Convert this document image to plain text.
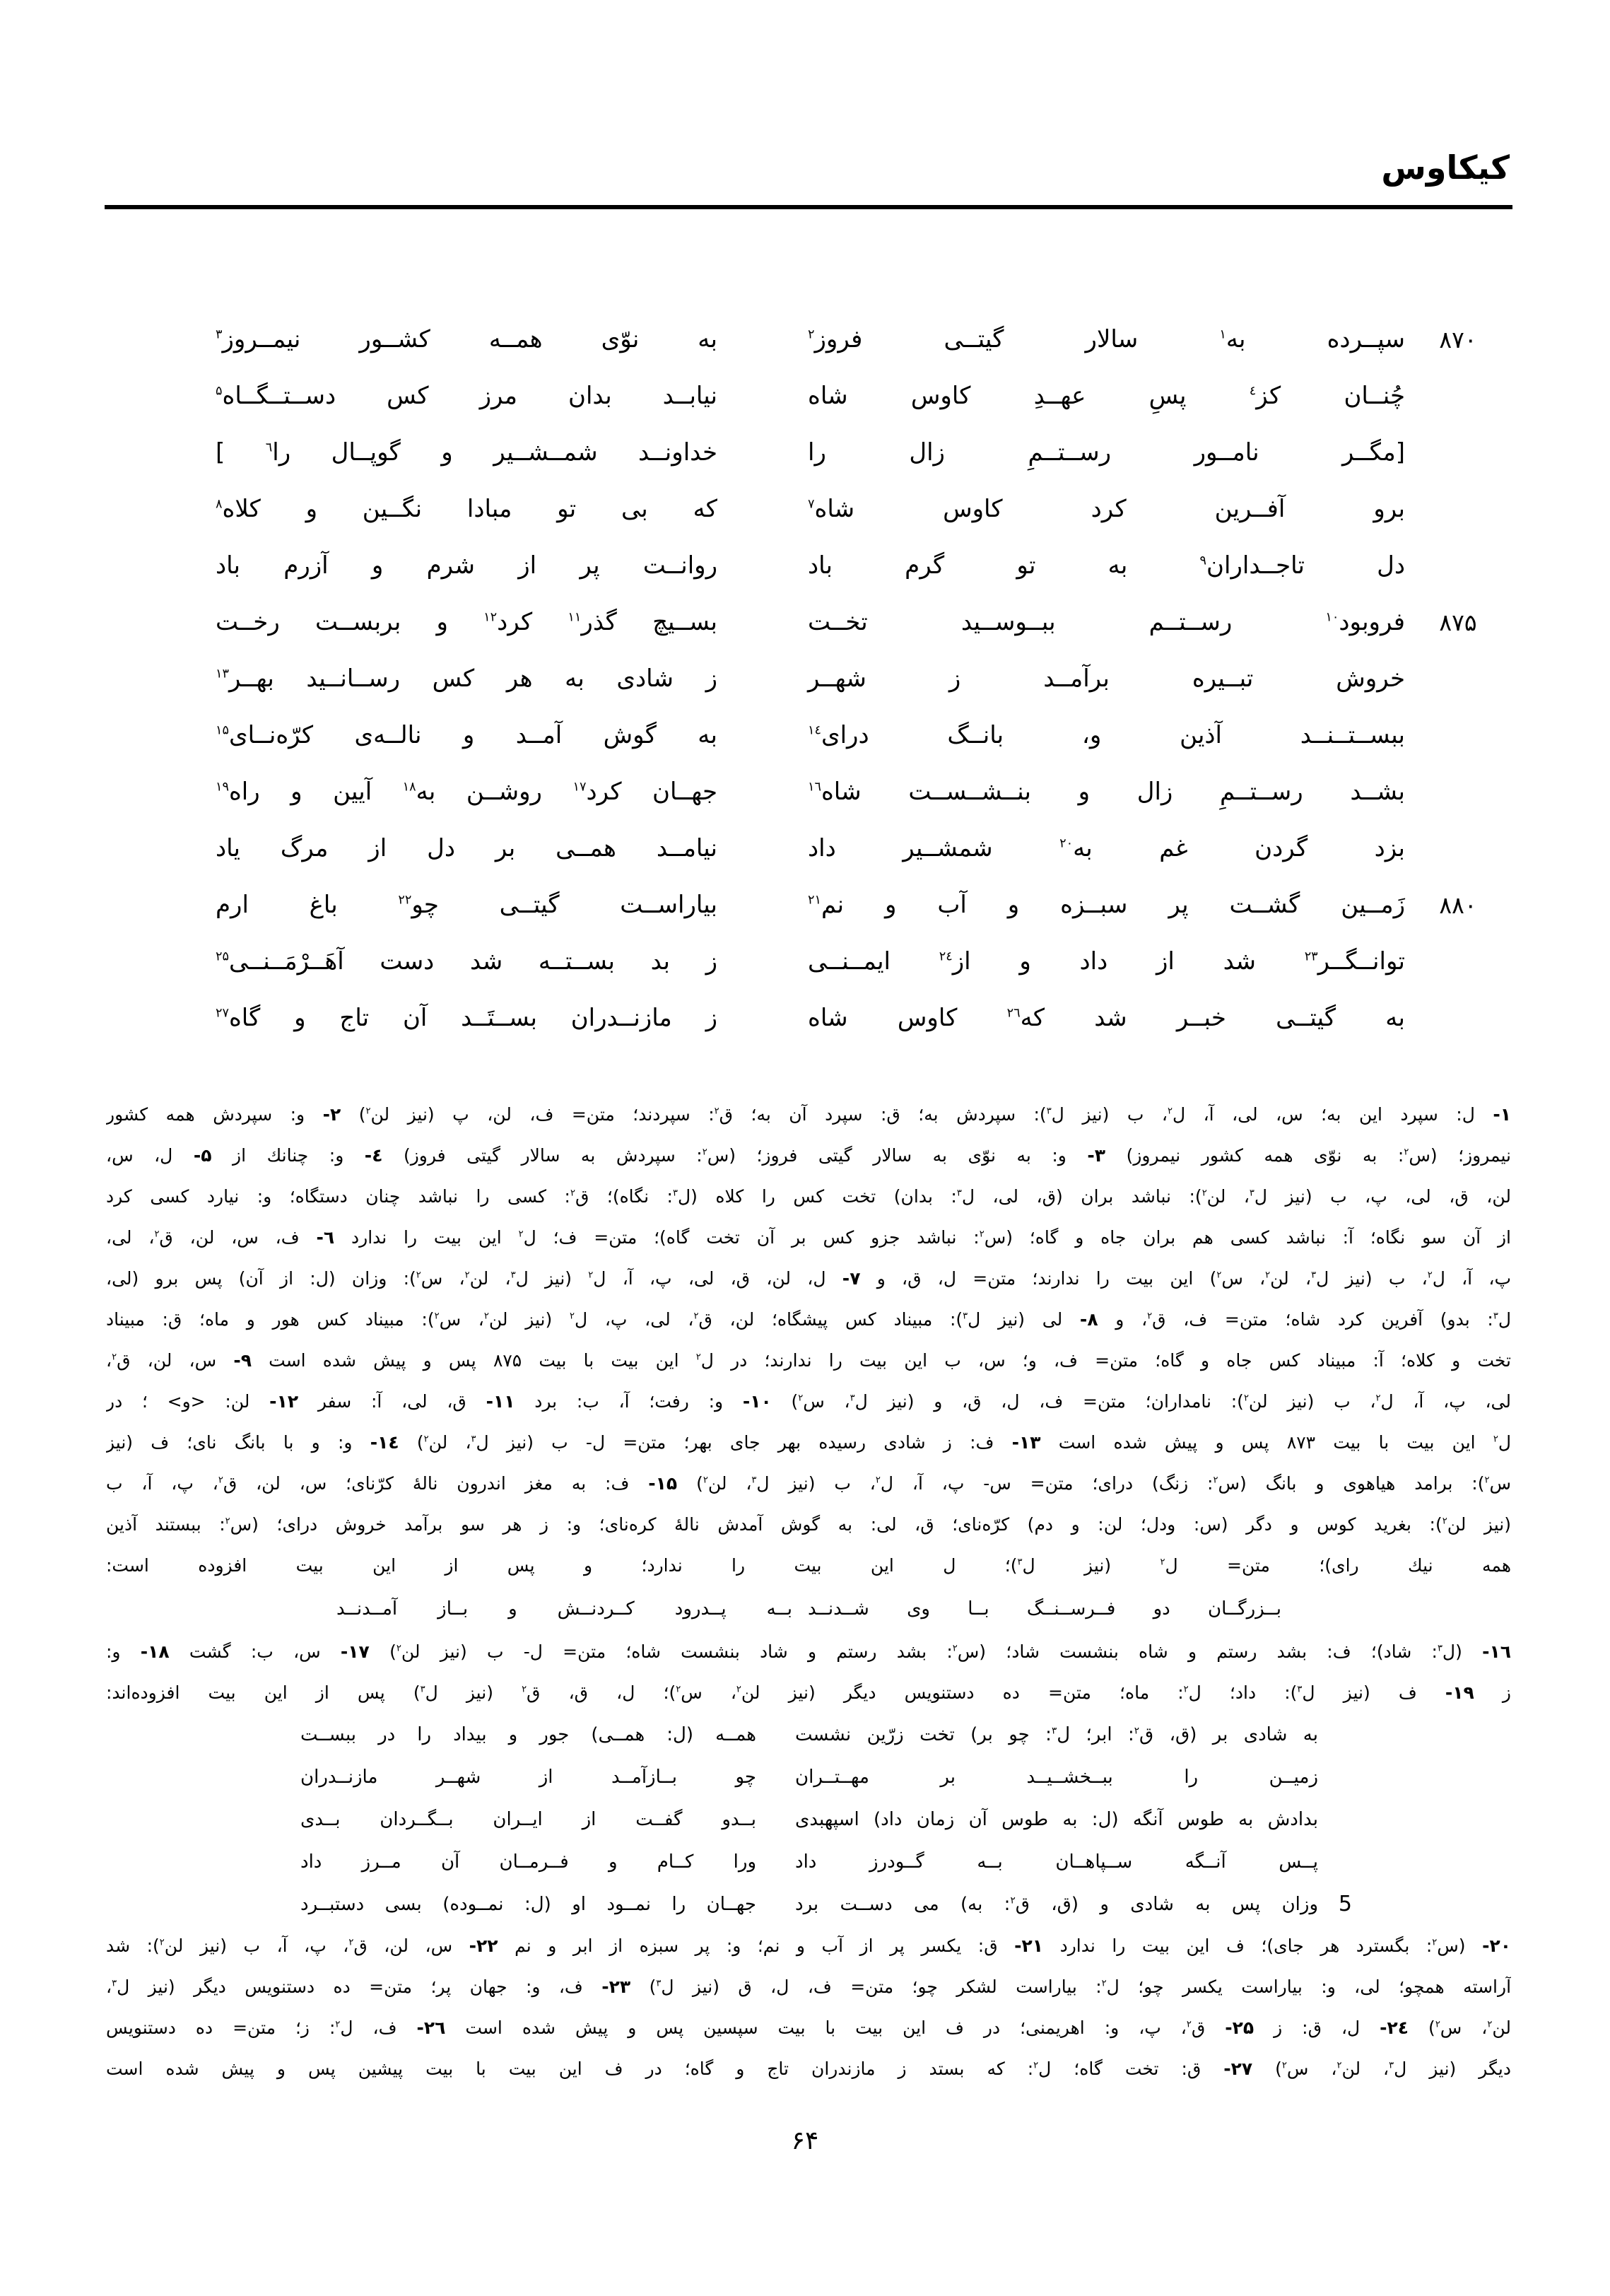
کیکاوس
۸۷۰
سپــرده به$^۱$ سالار گیتــی فروز$^۲$
به نوّی همــه کشــور نیمــروز$^۳$
چُنــان کز$^٤$ پسِ عهــدِ کاوس شاه
نیابــد بدان مرز کس دســتــگــاه$^۵$
[مگــر نامــور رســتــمِ زال را
خداونــد شمــشــیر و گوپــال را$^٦$ ]
برو آفــرین کرد کاوس شاه$^۷$
که بی تو مبادا نگــین و کلاه$^۸$
دل تاجــداران$^۹$ به تو گرم باد
روانــت پر از شرم و آزرم باد
۸۷۵
فروبود$^{۱۰}$ رســتــم ببــوســید تخــت
بســیچ گذر$^{۱۱}$ کرد$^{۱۲}$ و بربســت رخــت
خروش تبــیره برآمــد ز شهــر
ز شادی به هر کس رســانــید بهــر$^{۱۳}$
ببســتــنــد آذین و، بانــگ درای$^{۱٤}$
به گوش آمــد و نالــه‌ی کرّه‌نــای$^{۱۵}$
بشــد رســتــمِ زال و بنــشــســت شاه$^{۱٦}$
جهــان کرد$^{۱۷}$ روشــن به$^{۱۸}$ آیین و راه$^{۱۹}$
بزد گردن غم به$^{۲۰}$ شمشــیر داد
نیامــد همــی بر دل از مرگ یاد
۸۸۰
زَمــین گشــت پر سبــزه و آب و نم$^{۲۱}$
بیاراســت گیتــی چو$^{۲۲}$ باغ ارم
توانــگــر$^{۲۳}$ شد از داد و از$^{۲٤}$ ایمــنــی
ز بد بســتــه شد دست آهَــرْمَــنــی$^{۲۵}$
به گیتــی خبــر شد که$^{۲٦}$ کاوس شاه
ز مازنــدران بســتَــد آن تاج و گاه$^{۲۷}$
۱- ل: سپرد این به؛ س، لی، آ، ل$^۲$، ب (نیز ل$^۳$): سپردش به؛ ق: سپرد آن به؛ ق$^۲$: سپردند؛ متن= ف، لن، پ (نیز لن$^۲$) ۲- و: سپردش همه کشور
نیمروز؛ (س$^۲$: به نوّی همه کشور نیمروز) ۳- و: به نوّی به سالار گیتی فروز؛ (س$^۲$: سپردش به سالار گیتی فروز) ٤- و: چنانك از ۵- ل، س،
لن، ق، لی، پ، ب (نیز ل$^۳$، لن$^۲$): نباشد بران (ق، لی، ل$^۳$: بدان) تخت کس را کلاه (ل$^۳$: نگاه)؛ ق$^۲$: کسی را نباشد چنان دستگاه؛ و: نیارد کسی کرد
از آن سو نگاه؛ آ: نباشد کسی هم بران جاه و گاه؛ (س$^۲$: نباشد جزو کس بر آن تخت گاه)؛ متن= ف؛ ل$^۲$ این بیت را ندارد ٦- ف، س، لن، ق$^۲$، لی،
پ، آ، ل$^۲$، ب (نیز ل$^۳$، لن$^۲$، س$^۲$) این بیت را ندارند؛ متن= ل، ق، و ۷- ل، لن، ق، لی، پ، آ، ل$^۲$ (نیز ل$^۳$، لن$^۲$، س$^۲$): وزان (ل: از آن) پس برو (لی،
ل$^۳$: بدو) آفرین کرد شاه؛ متن= ف، ق$^۲$، و ۸- لی (نیز ل$^۳$): مبیناد کس پیشگاه؛ لن، ق$^۲$، لی، پ، ل$^۲$ (نیز لن$^۲$، س$^۲$): مبیناد کس هور و ماه؛ ق: مبیناد
تخت و کلاه؛ آ: مبیناد کس جاه و گاه؛ متن= ف، و؛ س، ب این بیت را ندارند؛ در ل$^۲$ این بیت با بیت ۸۷۵ پس و پیش شده است ۹- س، لن، ق$^۲$،
لی، پ، آ، ل$^۲$، ب (نیز لن$^۲$): نامداران؛ متن= ف، ل، ق، و (نیز ل$^۳$، س$^۲$) ۱۰- و: رفت؛ آ، ب: برد ۱۱- ق، لی، آ: سفر ۱۲- لن: <و> ؛ در
ل$^۲$ این بیت با بیت ۸۷۳ پس و پیش شده است ۱۳- ف: ز شادی رسیده بهر جای بهر؛ متن= ل- ب (نیز ل$^۳$، لن$^۲$) ۱٤- و: و با بانگ نای؛ ف (نیز
س$^۲$): برامد هیاهوی و بانگ (س$^۲$: زنگ) درای؛ متن= س- پ، آ، ل$^۲$، ب (نیز ل$^۳$، لن$^۲$) ۱۵- ف: به مغز اندرون نالهٔ کرّنای؛ س، لن، ق$^۲$، پ، آ، ب
(نیز لن$^۲$): بغرید کوس و دگر (س: ودل؛ لن: و دم) کرّه‌نای؛ ق، لی: به گوش آمدش نالهٔ کره‌نای؛ و: ز هر سو برآمد خروش درای؛ (س$^۲$: ببستند آذین
همه نیك رای)؛ متن= ل$^۲$ (نیز ل$^۳$)؛ ل این بیت را ندارد؛ و پس از این بیت افزوده است:
بــزرگــان دو فــرســنــگ بــا وی شــدنــد
بــه پــدرود کــردنــش و بــاز آمــدنــد
۱٦- (ل$^۳$: شاد)؛ ف: بشد رستم و شاه بنشست شاد؛ (س$^۲$: بشد رستم و شاد بنشست شاه؛ متن= ل- ب (نیز لن$^۲$) ۱۷- س، ب: گشت ۱۸- و:
ز ۱۹- ف (نیز ل$^۳$): داد؛ ل$^۲$: ماه؛ متن= ده دستنویس دیگر (نیز لن$^۲$، س$^۲$)؛ ل، ق، ق$^۲$ (نیز ل$^۳$) پس از این بیت افزوده‌اند:
به شادی بر (ق، ق$^۲$: ابر؛ ل$^۳$: چو بر) تخت زرّین نشست
همــه (ل: همــی) جور و بیداد را در ببســت
زمیــن را ببــخشــیــد بر مهــتــران
چو بــازآمــد از شهــر مازنــدران
بدادش به طوس آنگه (ل: به طوس آن زمان داد) اسپهبدی
بــدو گفــت از ایــران بــگــردان بــدی
پــس آنــگه ســپاهــان بــه گــودرز داد
ورا کــام و فــرمــان آن مــرز داد
5
وزان پس به شادی و (ق، ق$^۲$: به) می دســت برد
جهــان را نمــود او (ل: نمــوده) بسی دستبــرد
۲۰- (س$^۲$: بگسترد هر جای)؛ ف این بیت را ندارد ۲۱- ق: یکسر پر از آب و نم؛ و: پر سبزه از ابر و نم ۲۲- س، لن، ق$^۲$، پ، آ، ب (نیز لن$^۲$): شد
آراسته همچو؛ لی، و: بیاراست یکسر چو؛ ل$^۲$: بیاراست لشکر چو؛ متن= ف، ل، ق (نیز ل$^۳$) ۲۳- ف، و: جهان پر؛ متن= ده دستنویس دیگر (نیز ل$^۳$،
لن$^۲$، س$^۲$) ۲٤- ل، ق: ز ۲۵- ق$^۲$، پ، و: اهریمنی؛ در ف این بیت با بیت سپسین پس و پیش شده است ۲٦- ف، ل$^۲$: ز؛ متن= ده دستنویس
دیگر (نیز ل$^۳$، لن$^۲$، س$^۲$) ۲۷- ق: تخت گاه؛ ل$^۲$: که بستد ز مازندران تاج و گاه؛ در ف این بیت با بیت پیشین پس و پیش شده است
۶۴
